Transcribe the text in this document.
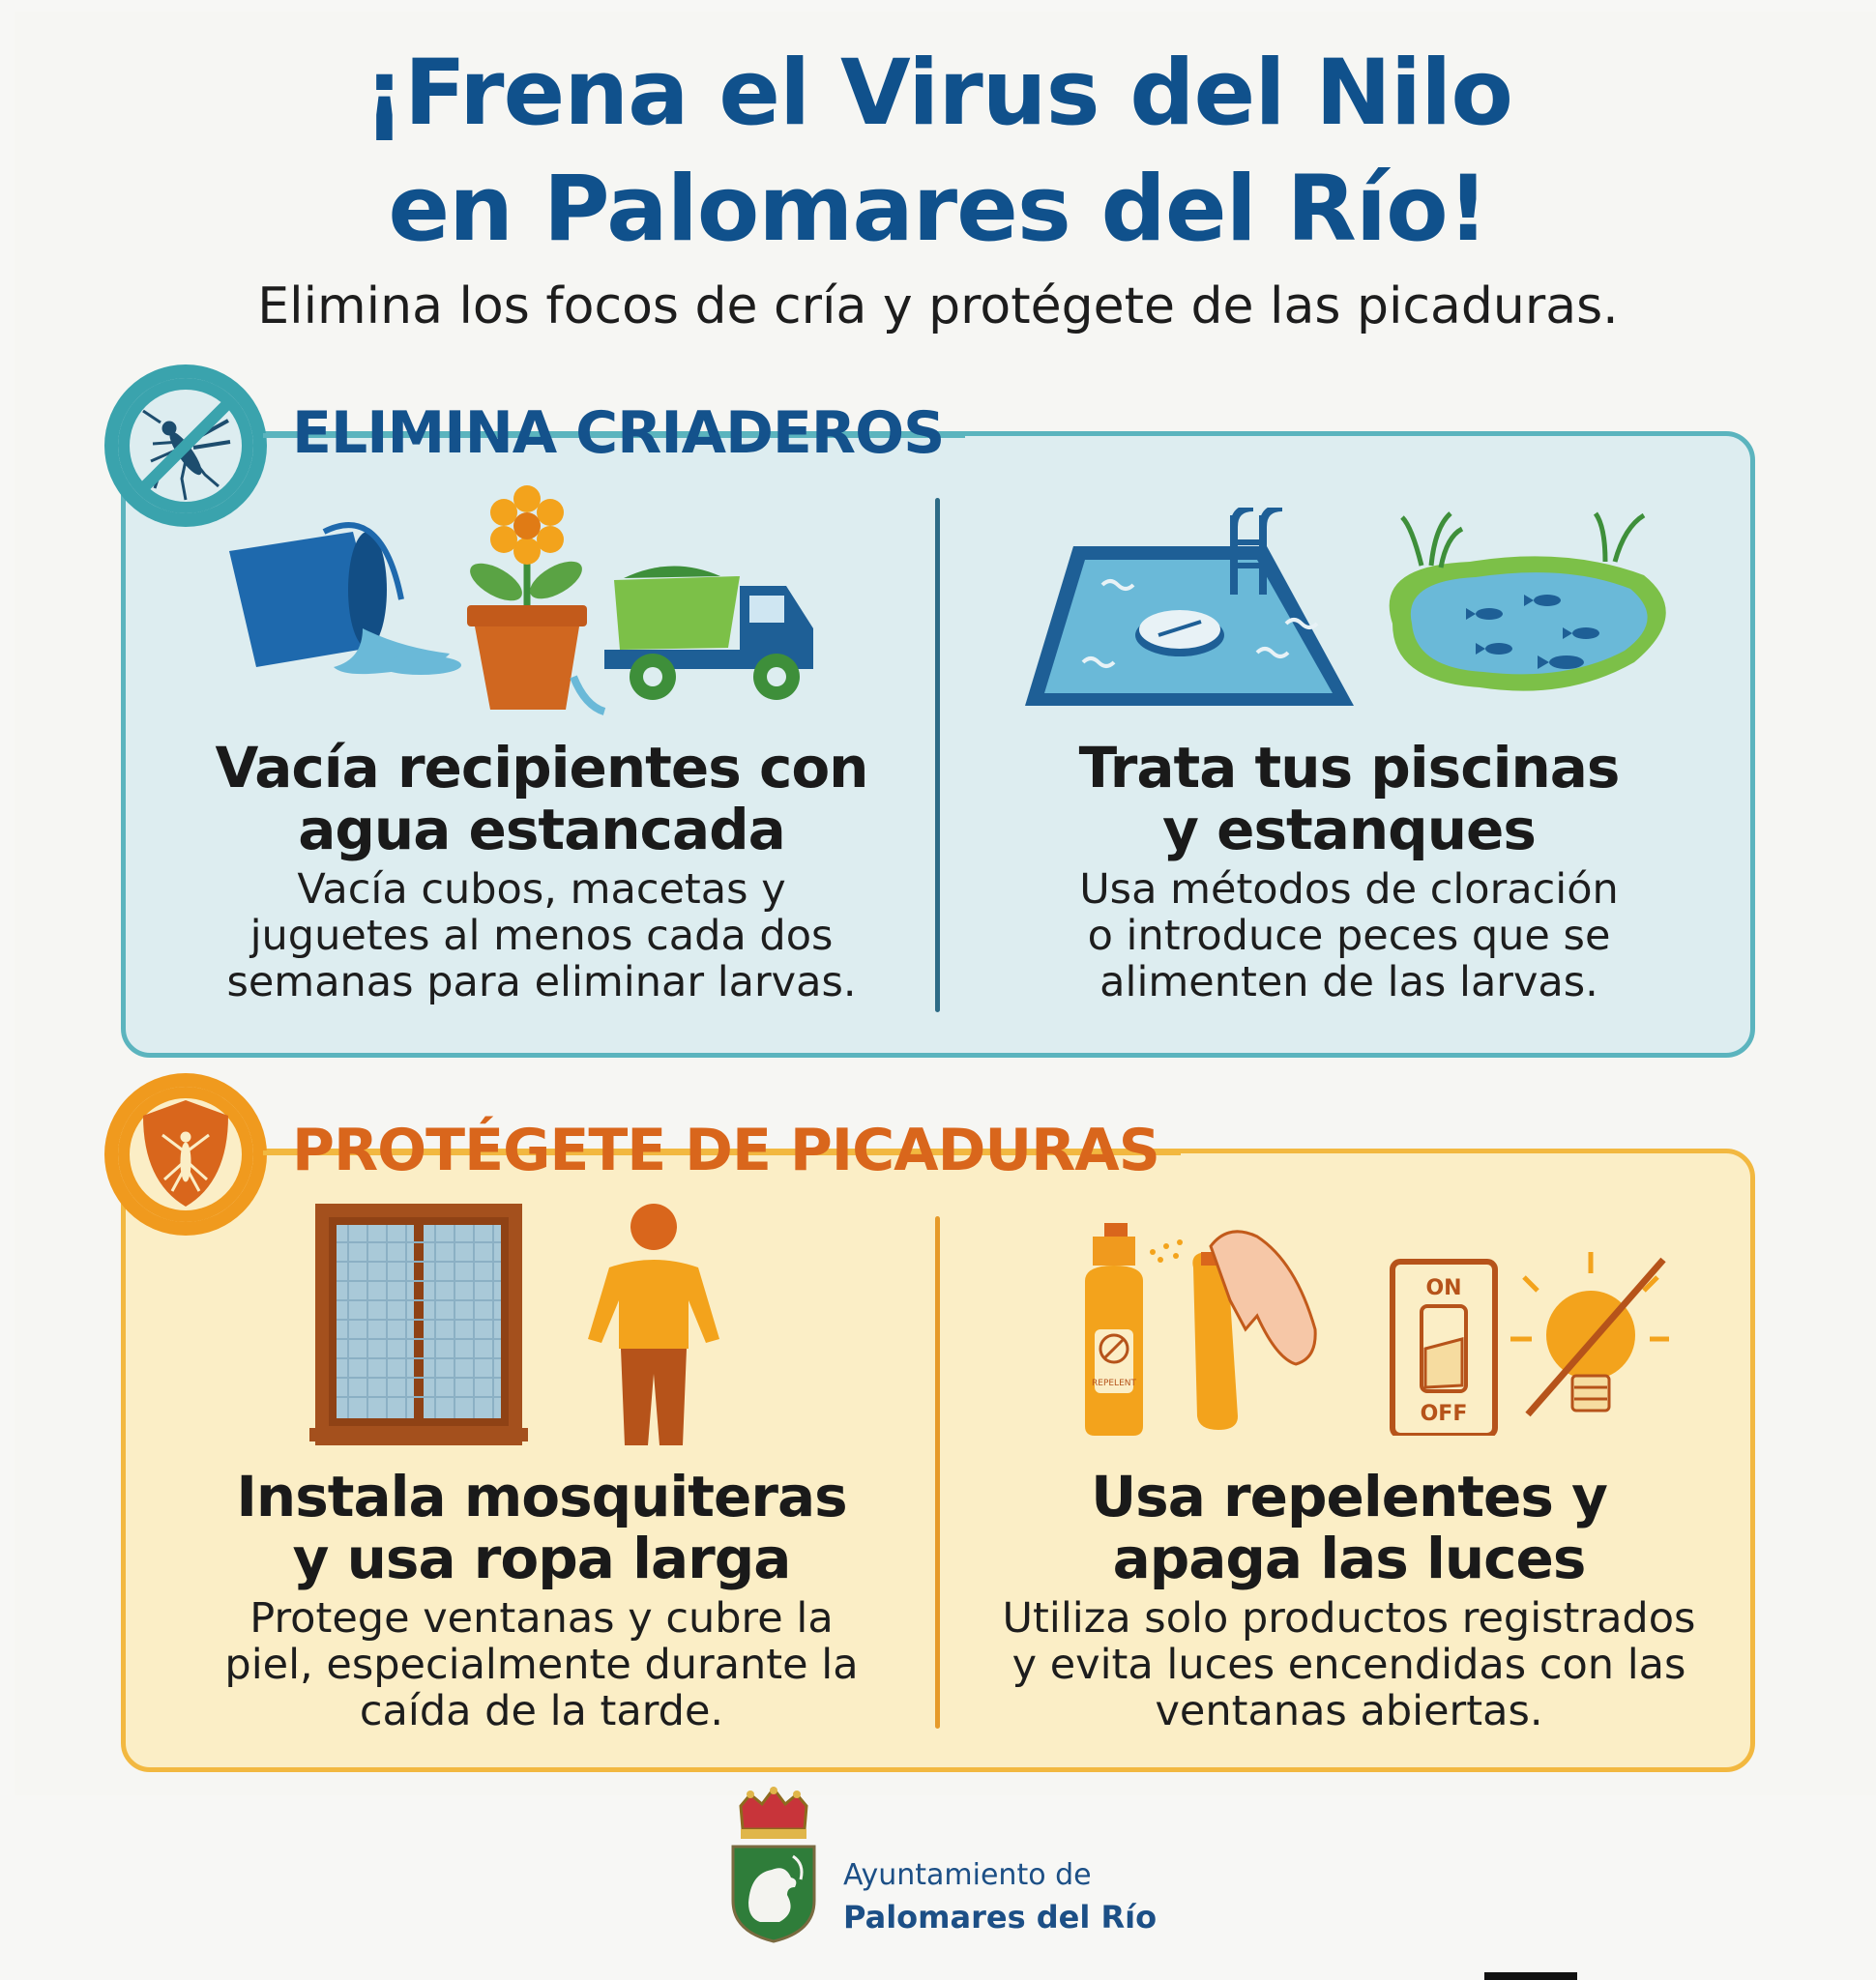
¡Frena el Virus del Nilo
en Palomares del Río!
Elimina los focos de cría y protégete de las picaduras.
ELIMINA CRIADEROS
Vacía recipientes con
agua estancada

Vacía cubos, macetas y
juguetes al menos cada dos
semanas para eliminar larvas.

Trata tus piscinas
y estanques

Usa métodos de cloración
o introduce peces que se
alimenten de las larvas.

PROTÉGETE DE PICADURAS
REPELENT
ON
OFF
Instala mosquiteras
y usa ropa larga

Protege ventanas y cubre la
piel, especialmente durante la
caída de la tarde.

Usa repelentes y
apaga las luces

Utiliza solo productos registrados
y evita luces encendidas con las
ventanas abiertas.

Ayuntamiento de
Palomares del Río
